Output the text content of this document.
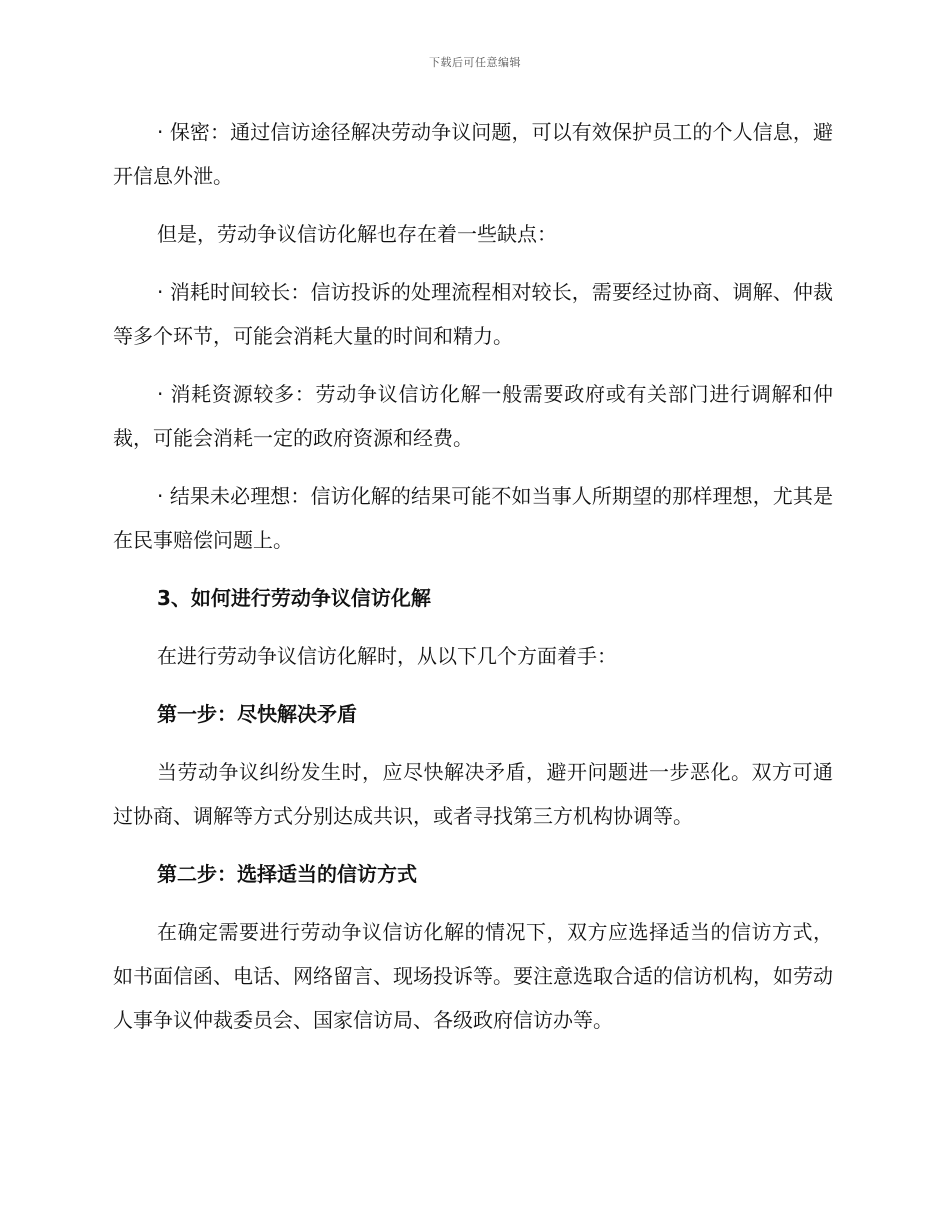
下载后可任意编辑

· 保密：通过信访途径解决劳动争议问题，可以有效保护员工的个人信息，避开信息外泄。

但是，劳动争议信访化解也存在着一些缺点：

· 消耗时间较长：信访投诉的处理流程相对较长，需要经过协商、调解、仲裁等多个环节，可能会消耗大量的时间和精力。

· 消耗资源较多：劳动争议信访化解一般需要政府或有关部门进行调解和仲裁，可能会消耗一定的政府资源和经费。

· 结果未必理想：信访化解的结果可能不如当事人所期望的那样理想，尤其是在民事赔偿问题上。

3、如何进行劳动争议信访化解

在进行劳动争议信访化解时，从以下几个方面着手：

第一步：尽快解决矛盾

当劳动争议纠纷发生时，应尽快解决矛盾，避开问题进一步恶化。双方可通过协商、调解等方式分别达成共识，或者寻找第三方机构协调等。

第二步：选择适当的信访方式

在确定需要进行劳动争议信访化解的情况下，双方应选择适当的信访方式，如书面信函、电话、网络留言、现场投诉等。要注意选取合适的信访机构，如劳动人事争议仲裁委员会、国家信访局、各级政府信访办等。
